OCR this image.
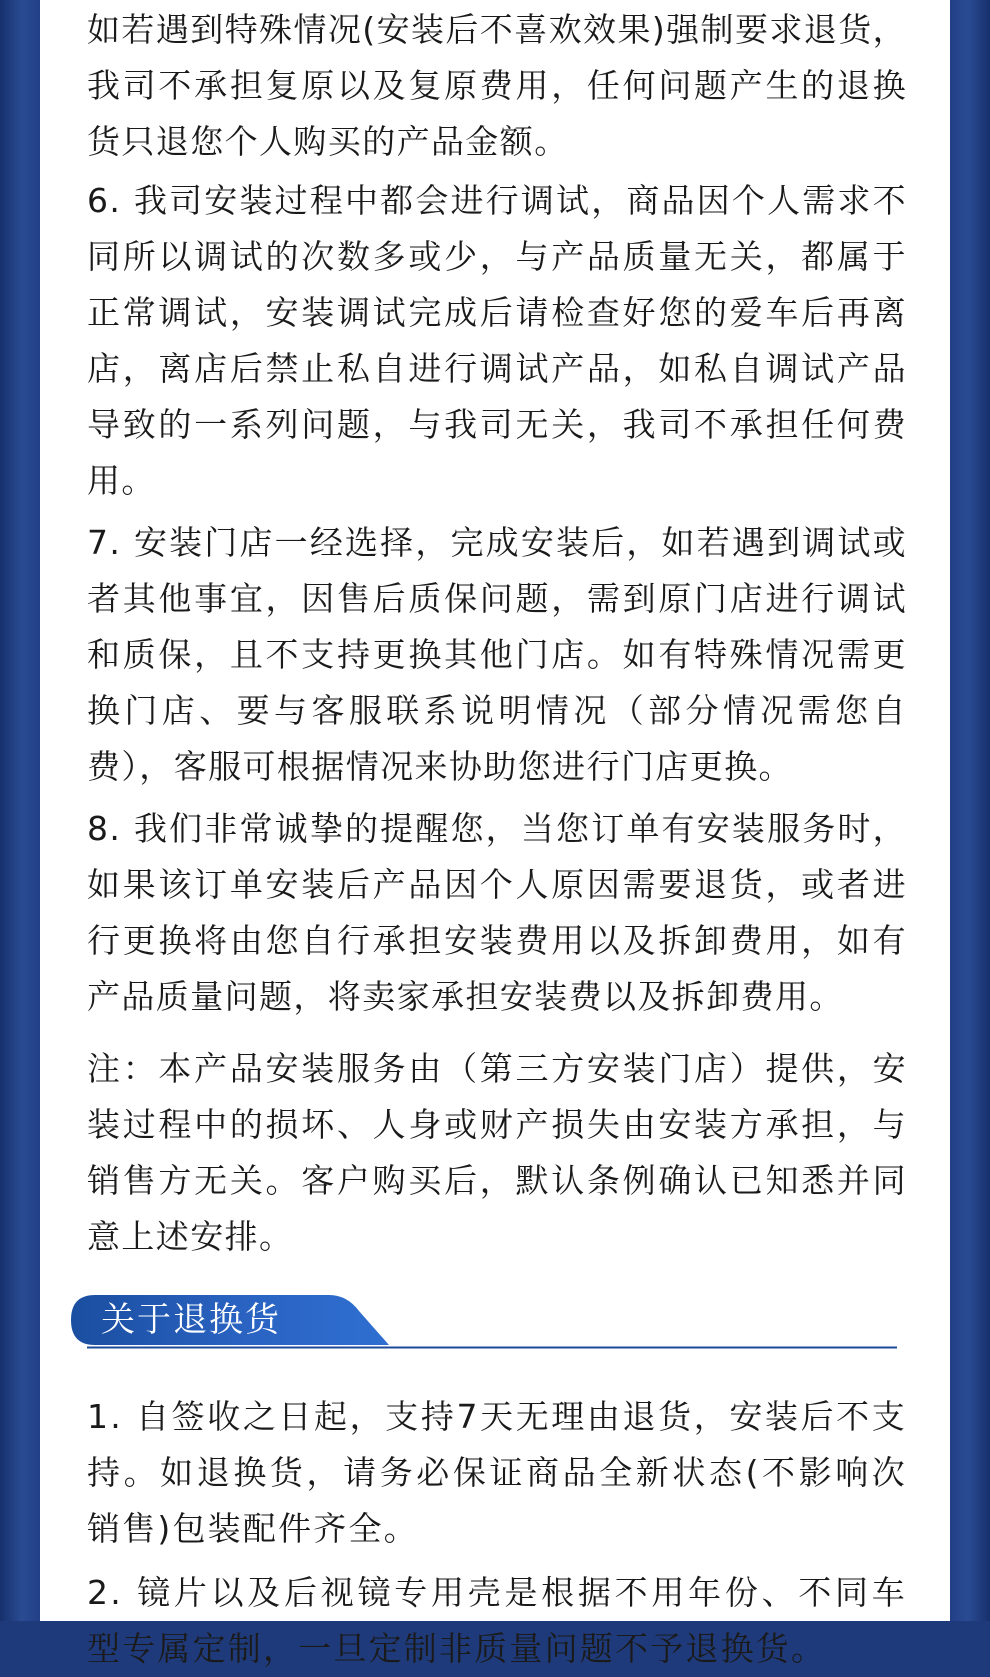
如若遇到特殊情况(安装后不喜欢效果)强制要求退货，我司不承担复原以及复原费用，任何问题产生的退换货只退您个人购买的产品金额。

6. 我司安装过程中都会进行调试，商品因个人需求不同所以调试的次数多或少，与产品质量无关，都属于正常调试，安装调试完成后请检查好您的爱车后再离店，离店后禁止私自进行调试产品，如私自调试产品导致的一系列问题，与我司无关，我司不承担任何费用。

7. 安装门店一经选择，完成安装后，如若遇到调试或者其他事宜，因售后质保问题，需到原门店进行调试和质保，且不支持更换其他门店。如有特殊情况需更换门店、要与客服联系说明情况（部分情况需您自费），客服可根据情况来协助您进行门店更换。

8. 我们非常诚挚的提醒您，当您订单有安装服务时，如果该订单安装后产品因个人原因需要退货，或者进行更换将由您自行承担安装费用以及拆卸费用，如有产品质量问题，将卖家承担安装费以及拆卸费用。

注：本产品安装服务由（第三方安装门店）提供，安装过程中的损坏、人身或财产损失由安装方承担，与销售方无关。客户购买后，默认条例确认已知悉并同意上述安排。

关于退换货

1. 自签收之日起，支持7天无理由退货，安装后不支持。如退换货，请务必保证商品全新状态(不影响次销售)包装配件齐全。

2. 镜片以及后视镜专用壳是根据不用年份、不同车型专属定制，一旦定制非质量问题不予退换货。
